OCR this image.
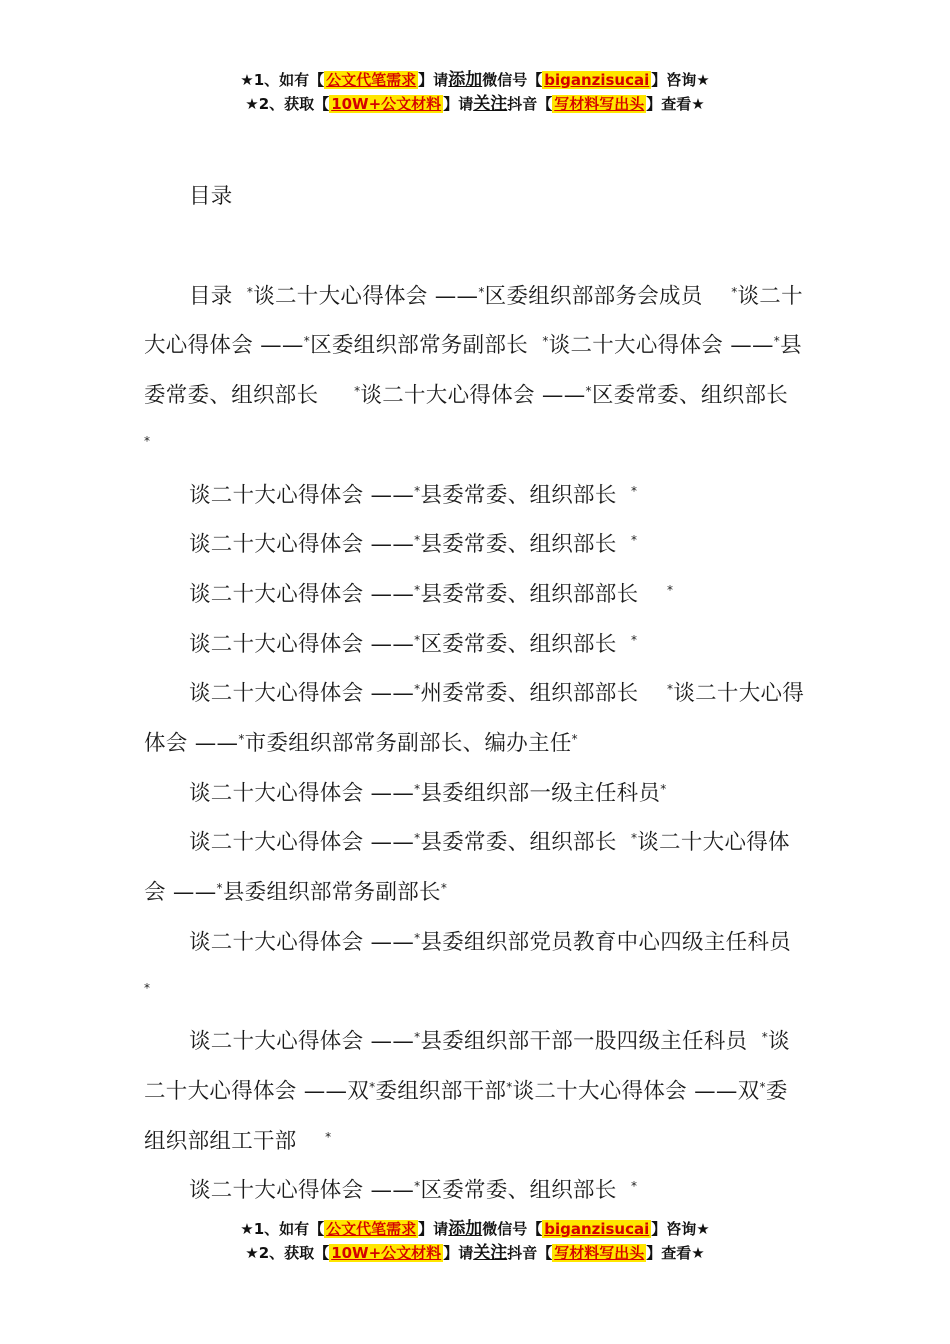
★1、如有【 公文代笔需求 】请添加微信号【 biganzisucai 】咨询★
★2、获取【 10W+公文材料 】请关注抖音【 写材料写出头 】查看★

目录

目录  *谈二十大心得体会 ——*区委组织部部务会成员    *谈二十大心得体会 ——*区委组织部常务副部长  *谈二十大心得体会 ——*县委常委、组织部长     *谈二十大心得体会 ——*区委常委、组织部长      *

谈二十大心得体会 ——*县委常委、组织部长  *

谈二十大心得体会 ——*县委常委、组织部长  *

谈二十大心得体会 ——*县委常委、组织部部长    *

谈二十大心得体会 ——*区委常委、组织部长  *

谈二十大心得体会 ——*州委常委、组织部部长    *谈二十大心得体会 ——*市委组织部常务副部长、编办主任*

谈二十大心得体会 ——*县委组织部一级主任科员*

谈二十大心得体会 ——*县委常委、组织部长  *谈二十大心得体会 ——*县委组织部常务副部长*

谈二十大心得体会 ——*县委组织部党员教育中心四级主任科员  *

谈二十大心得体会 ——*县委组织部干部一股四级主任科员  *谈二十大心得体会 ——双*委组织部干部*谈二十大心得体会 ——双*委组织部组工干部    *

谈二十大心得体会 ——*区委常委、组织部长  *

★1、如有【 公文代笔需求 】请添加微信号【 biganzisucai 】咨询★
★2、获取【 10W+公文材料 】请关注抖音【 写材料写出头 】查看★
